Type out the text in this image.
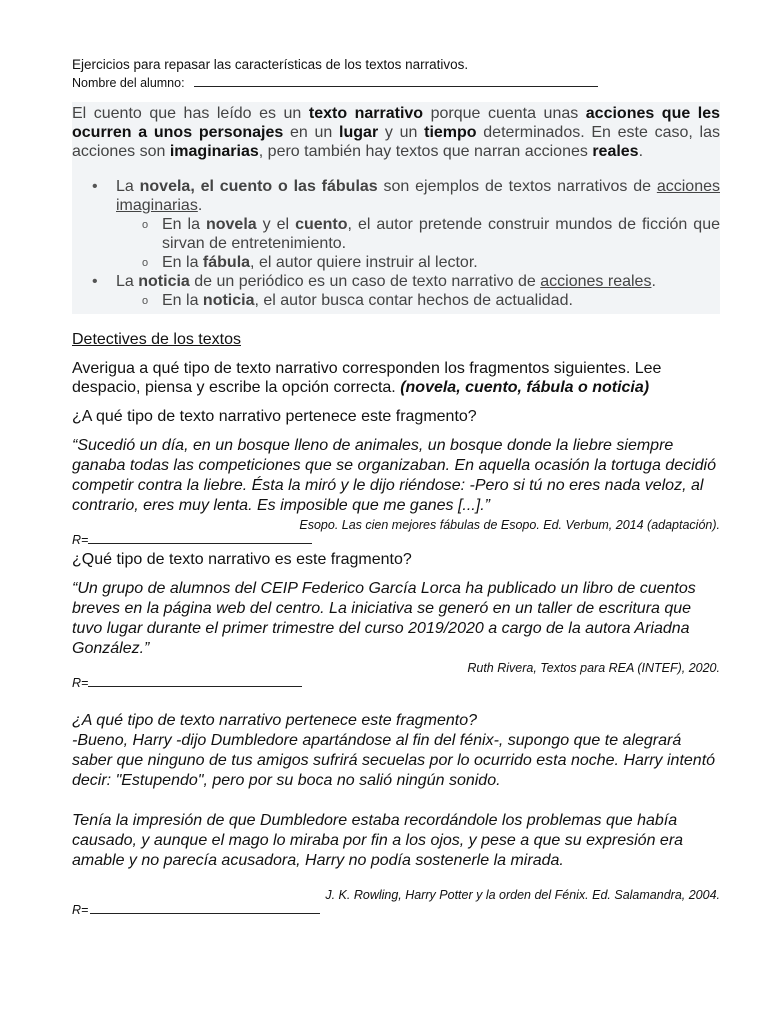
Ejercicios para repasar las características de los textos narrativos.
Nombre del alumno:

El cuento que has leído es un texto narrativo porque cuenta unas acciones que les ocurren a unos personajes en un lugar y un tiempo determinados. En este caso, las acciones son imaginarias, pero también hay textos que narran acciones reales.

• La novela, el cuento o las fábulas son ejemplos de textos narrativos de acciones imaginarias.
o En la novela y el cuento, el autor pretende construir mundos de ficción que sirvan de entretenimiento.
o En la fábula, el autor quiere instruir al lector.
• La noticia de un periódico es un caso de texto narrativo de acciones reales.
o En la noticia, el autor busca contar hechos de actualidad.
Detectives de los textos

Averigua a qué tipo de texto narrativo corresponden los fragmentos siguientes. Lee despacio, piensa y escribe la opción correcta. (novela, cuento, fábula o noticia)

¿A qué tipo de texto narrativo pertenece este fragmento?

“Sucedió un día, en un bosque lleno de animales, un bosque donde la liebre siempre ganaba todas las competiciones que se organizaban. En aquella ocasión la tortuga decidió competir contra la liebre. Ésta la miró y le dijo riéndose: -Pero si tú no eres nada veloz, al contrario, eres muy lenta. Es imposible que me ganes [...].”

Esopo. Las cien mejores fábulas de Esopo. Ed. Verbum, 2014 (adaptación).
R=

¿Qué tipo de texto narrativo es este fragmento?

“Un grupo de alumnos del CEIP Federico García Lorca ha publicado un libro de cuentos breves en la página web del centro. La iniciativa se generó en un taller de escritura que tuvo lugar durante el primer trimestre del curso 2019/2020 a cargo de la autora Ariadna González.”

Ruth Rivera, Textos para REA (INTEF), 2020.
R=

¿A qué tipo de texto narrativo pertenece este fragmento?

-Bueno, Harry -dijo Dumbledore apartándose al fin del fénix-, supongo que te alegrará saber que ninguno de tus amigos sufrirá secuelas por lo ocurrido esta noche. Harry intentó decir: "Estupendo", pero por su boca no salió ningún sonido.

Tenía la impresión de que Dumbledore estaba recordándole los problemas que había causado, y aunque el mago lo miraba por fin a los ojos, y pese a que su expresión era amable y no parecía acusadora, Harry no podía sostenerle la mirada.

J. K. Rowling, Harry Potter y la orden del Fénix. Ed. Salamandra, 2004.
R=
